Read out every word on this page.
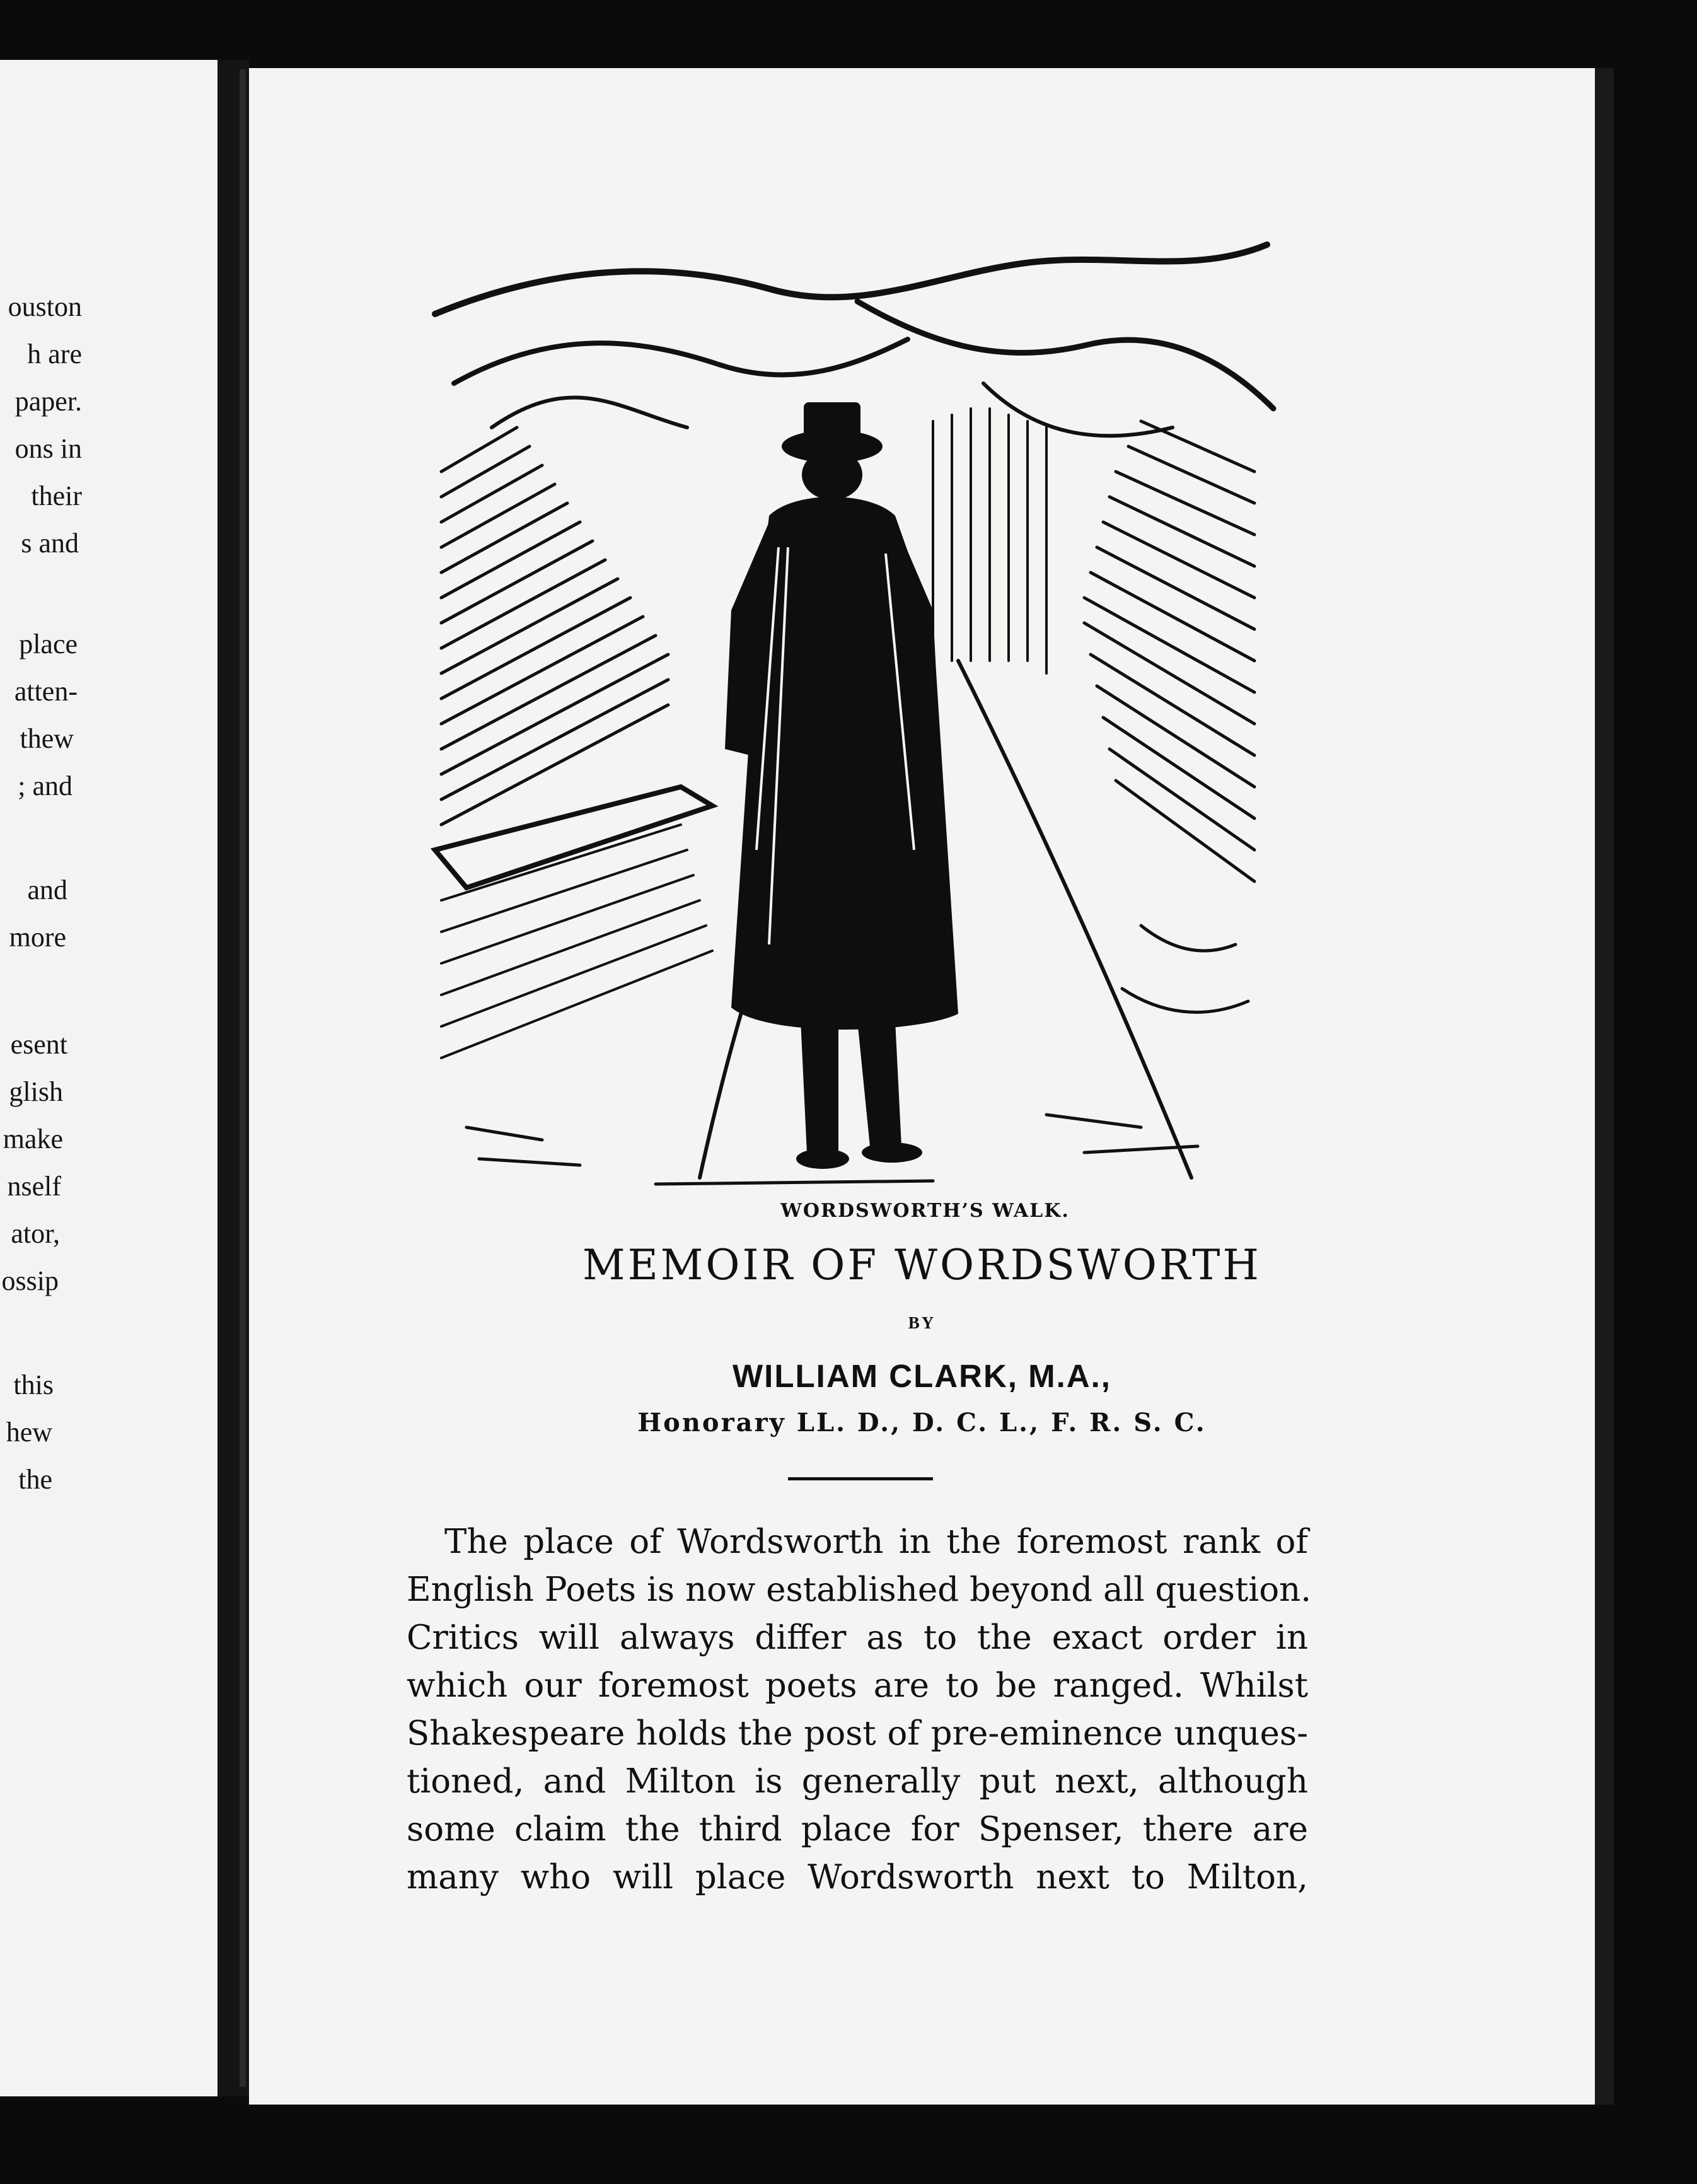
ouston
h are
paper.
ons in
their
s and
place
atten-
thew
; and
and
more
esent
glish
make
nself
ator,
ossip
this
hew
the
WORDSWORTH’S WALK.
MEMOIR OF WORDSWORTH
BY
WILLIAM CLARK, M.A.,
Honorary LL. D., D. C. L., F. R. S. C.
The place of Wordsworth in the foremost rank of
English Poets is now established beyond all question.
Critics will always differ as to the exact order in
which our foremost poets are to be ranged. Whilst
Shakespeare holds the post of pre-eminence unques-
tioned, and Milton is generally put next, although
some claim the third place for Spenser, there are
many who will place Wordsworth next to Milton,
